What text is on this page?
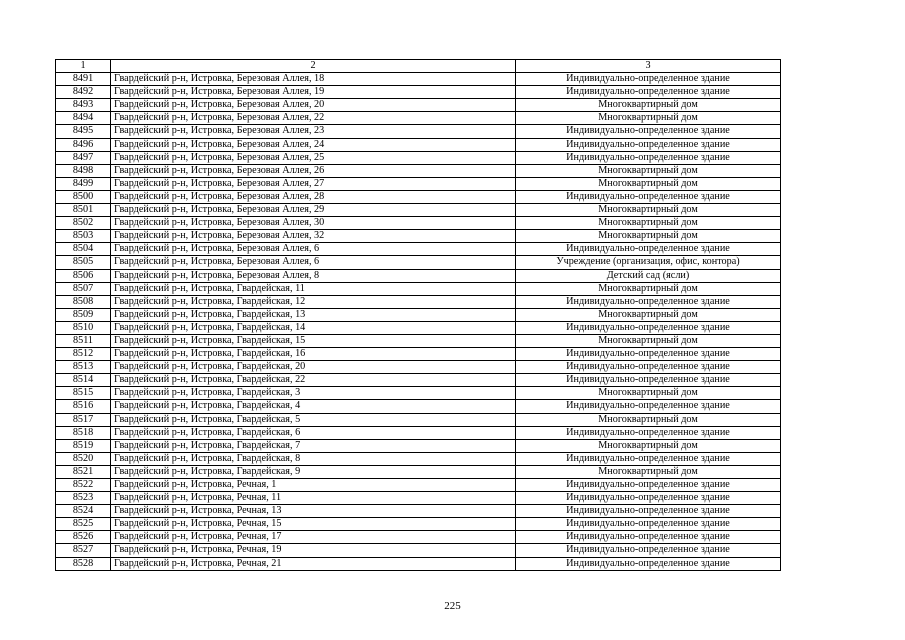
1	2	3
8491	Гвардейский р-н, Истровка, Березовая Аллея, 18	Индивидуально-определенное здание
8492	Гвардейский р-н, Истровка, Березовая Аллея, 19	Индивидуально-определенное здание
8493	Гвардейский р-н, Истровка, Березовая Аллея, 20	Многоквартирный дом
8494	Гвардейский р-н, Истровка, Березовая Аллея, 22	Многоквартирный дом
8495	Гвардейский р-н, Истровка, Березовая Аллея, 23	Индивидуально-определенное здание
8496	Гвардейский р-н, Истровка, Березовая Аллея, 24	Индивидуально-определенное здание
8497	Гвардейский р-н, Истровка, Березовая Аллея, 25	Индивидуально-определенное здание
8498	Гвардейский р-н, Истровка, Березовая Аллея, 26	Многоквартирный дом
8499	Гвардейский р-н, Истровка, Березовая Аллея, 27	Многоквартирный дом
8500	Гвардейский р-н, Истровка, Березовая Аллея, 28	Индивидуально-определенное здание
8501	Гвардейский р-н, Истровка, Березовая Аллея, 29	Многоквартирный дом
8502	Гвардейский р-н, Истровка, Березовая Аллея, 30	Многоквартирный дом
8503	Гвардейский р-н, Истровка, Березовая Аллея, 32	Многоквартирный дом
8504	Гвардейский р-н, Истровка, Березовая Аллея, 6	Индивидуально-определенное здание
8505	Гвардейский р-н, Истровка, Березовая Аллея, 6	Учреждение (организация, офис, контора)
8506	Гвардейский р-н, Истровка, Березовая Аллея, 8	Детский сад (ясли)
8507	Гвардейский р-н, Истровка, Гвардейская, 11	Многоквартирный дом
8508	Гвардейский р-н, Истровка, Гвардейская, 12	Индивидуально-определенное здание
8509	Гвардейский р-н, Истровка, Гвардейская, 13	Многоквартирный дом
8510	Гвардейский р-н, Истровка, Гвардейская, 14	Индивидуально-определенное здание
8511	Гвардейский р-н, Истровка, Гвардейская, 15	Многоквартирный дом
8512	Гвардейский р-н, Истровка, Гвардейская, 16	Индивидуально-определенное здание
8513	Гвардейский р-н, Истровка, Гвардейская, 20	Индивидуально-определенное здание
8514	Гвардейский р-н, Истровка, Гвардейская, 22	Индивидуально-определенное здание
8515	Гвардейский р-н, Истровка, Гвардейская, 3	Многоквартирный дом
8516	Гвардейский р-н, Истровка, Гвардейская, 4	Индивидуально-определенное здание
8517	Гвардейский р-н, Истровка, Гвардейская, 5	Многоквартирный дом
8518	Гвардейский р-н, Истровка, Гвардейская, 6	Индивидуально-определенное здание
8519	Гвардейский р-н, Истровка, Гвардейская, 7	Многоквартирный дом
8520	Гвардейский р-н, Истровка, Гвардейская, 8	Индивидуально-определенное здание
8521	Гвардейский р-н, Истровка, Гвардейская, 9	Многоквартирный дом
8522	Гвардейский р-н, Истровка, Речная, 1	Индивидуально-определенное здание
8523	Гвардейский р-н, Истровка, Речная, 11	Индивидуально-определенное здание
8524	Гвардейский р-н, Истровка, Речная, 13	Индивидуально-определенное здание
8525	Гвардейский р-н, Истровка, Речная, 15	Индивидуально-определенное здание
8526	Гвардейский р-н, Истровка, Речная, 17	Индивидуально-определенное здание
8527	Гвардейский р-н, Истровка, Речная, 19	Индивидуально-определенное здание
8528	Гвардейский р-н, Истровка, Речная, 21	Индивидуально-определенное здание
225
